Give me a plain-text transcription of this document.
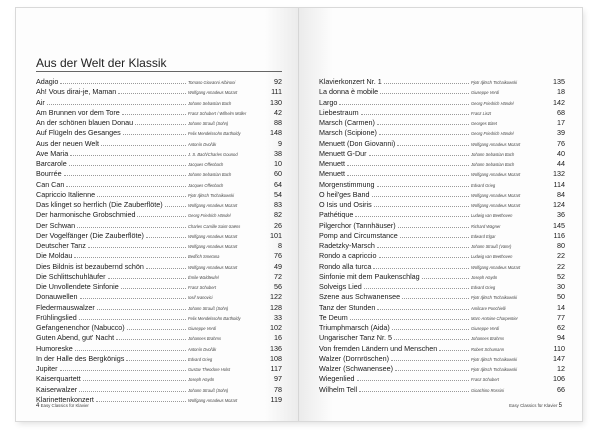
Aus der Welt der Klassik
Adagio	Tomaso Giovanni Albinoni	92
Ah! Vous dirai-je, Maman	Wolfgang Amadeus Mozart	111
Air	Johann Sebastian Bach	130
Am Brunnen vor dem Tore	Franz Schubert / Wilhelm Müller	42
An der schönen blauen Donau	Johann Strauß (Sohn)	88
Auf Flügeln des Gesanges	Felix Mendelssohn Bartholdy	148
Aus der neuen Welt	Antonín Dvořák	9
Ave Maria	J. S. Bach/Charles Gounod	38
Barcarole	Jacques Offenbach	10
Bourrée	Johann Sebastian Bach	60
Can Can	Jacques Offenbach	64
Capriccio Italienne	Pjotr Iljitsch Tschaikowski	54
Das klinget so herrlich (Die Zauberflöte)	Wolfgang Amadeus Mozart	83
Der harmonische Grobschmied	Georg Friedrich Händel	82
Der Schwan	Charles Camille Saint-Saëns	26
Der Vogelfänger (Die Zauberflöte)	Wolfgang Amadeus Mozart	101
Deutscher Tanz	Wolfgang Amadeus Mozart	8
Die Moldau	Bedřich Smetana	76
Dies Bildnis ist bezaubernd schön	Wolfgang Amadeus Mozart	49
Die Schlittschuhläufer	Émile Waldteufel	72
Die Unvollendete Sinfonie	Franz Schubert	56
Donauwellen	Iosif Ivanovici	122
Fledermauswalzer	Johann Strauß (Sohn)	128
Frühlingslied	Felix Mendelssohn Bartholdy	33
Gefangenenchor (Nabucco)	Giuseppe Verdi	102
Guten Abend, gut' Nacht	Johannes Brahms	16
Humoreske	Antonín Dvořák	136
In der Halle des Bergkönigs	Edvard Grieg	108
Jupiter	Gustav Theodore Holst	117
Kaiserquartett	Joseph Haydn	97
Kaiserwalzer	Johann Strauß (Sohn)	78
Klarinettenkonzert	Wolfgang Amadeus Mozart	119
4 Easy Classics für Klavier
Klavierkonzert Nr. 1	Pjotr Iljitsch Tschaikowski	135
La donna è mobile	Giuseppe Verdi	18
Largo	Georg Friedrich Händel	142
Liebestraum	Franz Liszt	68
Marsch (Carmen)	Georges Bizet	17
Marsch (Scipione)	Georg Friedrich Händel	39
Menuett (Don Giovanni)	Wolfgang Amadeus Mozart	76
Menuett G-Dur	Johann Sebastian Bach	40
Menuett	Johann Sebastian Bach	44
Menuett	Wolfgang Amadeus Mozart	132
Morgenstimmung	Edvard Grieg	114
O heil'ges Band	Wolfgang Amadeus Mozart	84
O Isis und Osiris	Wolfgang Amadeus Mozart	124
Pathétique	Ludwig van Beethoven	36
Pilgerchor (Tannhäuser)	Richard Wagner	145
Pomp and Circumstance	Edward Elgar	116
Radetzky-Marsch	Johann Strauß (Vater)	80
Rondo a capriccio	Ludwig van Beethoven	22
Rondo alla turca	Wolfgang Amadeus Mozart	22
Sinfonie mit dem Paukenschlag	Joseph Haydn	52
Solveigs Lied	Edvard Grieg	30
Szene aus Schwanensee	Pjotr Iljitsch Tschaikowski	50
Tanz der Stunden	Amilcare Ponchielli	14
Te Deum	Marc-Antoine Charpentier	77
Triumphmarsch (Aida)	Giuseppe Verdi	62
Ungarischer Tanz Nr. 5	Johannes Brahms	94
Von fremden Ländern und Menschen	Robert Schumann	110
Walzer (Dornröschen)	Pjotr Iljitsch Tschaikowski	147
Walzer (Schwanensee)	Pjotr Iljitsch Tschaikowski	12
Wiegenlied	Franz Schubert	106
Wilhelm Tell	Gioachino Rossini	66
Easy Classics für Klavier 5
